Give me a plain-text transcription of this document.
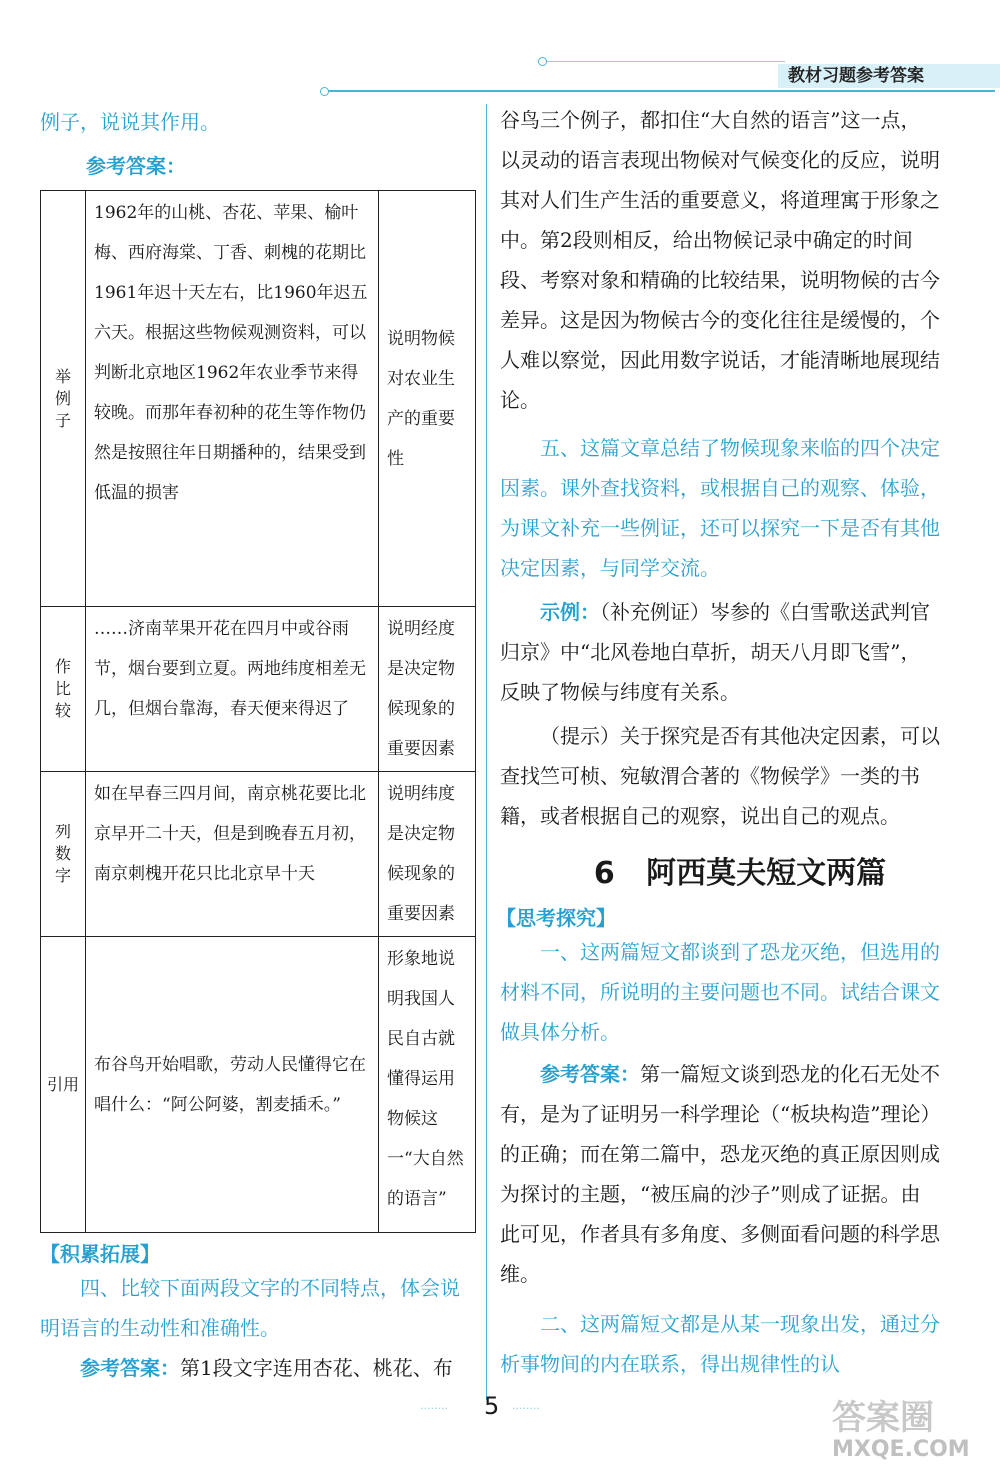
教材习题参考答案

例子，说说其作用。

参考答案：
举例子	1962年的山桃、杏花、苹果、榆叶梅、西府海棠、丁香、刺槐的花期比1961年迟十天左右，比1960年迟五六天。根据这些物候观测资料，可以判断北京地区1962年农业季节来得较晚。而那年春初种的花生等作物仍然是按照往年日期播种的，结果受到低温的损害	说明物候对农业生产的重要性

作比较	……济南苹果开花在四月中或谷雨节，烟台要到立夏。两地纬度相差无几，但烟台靠海，春天便来得迟了	说明经度是决定物候现象的重要因素

列数字	如在早春三四月间，南京桃花要比北京早开二十天，但是到晚春五月初，南京刺槐开花只比北京早十天	说明纬度是决定物候现象的重要因素
引用	布谷鸟开始唱歌，劳动人民懂得它在唱什么：“阿公阿婆，割麦插禾。”	形象地说明我国人民自古就懂得运用物候这一“大自然的语言”
【积累拓展】

四、比较下面两段文字的不同特点，体会说明语言的生动性和准确性。

参考答案：第1段文字连用杏花、桃花、布

谷鸟三个例子，都扣住“大自然的语言”这一点，以灵动的语言表现出物候对气候变化的反应，说明其对人们生产生活的重要意义，将道理寓于形象之中。第2段则相反，给出物候记录中确定的时间段、考察对象和精确的比较结果，说明物候的古今差异。这是因为物候古今的变化往往是缓慢的，个人难以察觉，因此用数字说话，才能清晰地展现结论。

五、这篇文章总结了物候现象来临的四个决定因素。课外查找资料，或根据自己的观察、体验，为课文补充一些例证，还可以探究一下是否有其他决定因素，与同学交流。

示例：（补充例证）岑参的《白雪歌送武判官归京》中“北风卷地白草折，胡天八月即飞雪”，反映了物候与纬度有关系。

（提示）关于探究是否有其他决定因素，可以查找竺可桢、宛敏渭合著的《物候学》一类的书籍，或者根据自己的观察，说出自己的观点。

6 阿西莫夫短文两篇
【思考探究】

一、这两篇短文都谈到了恐龙灭绝，但选用的材料不同，所说明的主要问题也不同。试结合课文做具体分析。

参考答案：第一篇短文谈到恐龙的化石无处不有，是为了证明另一科学理论（“板块构造”理论）的正确；而在第二篇中，恐龙灭绝的真正原因则成为探讨的主题，“被压扁的沙子”则成了证据。由此可见，作者具有多角度、多侧面看问题的科学思维。

二、这两篇短文都是从某一现象出发，通过分析事物间的内在联系，得出规律性的认

········ 5 ········	答案圈
MXQE.COM
